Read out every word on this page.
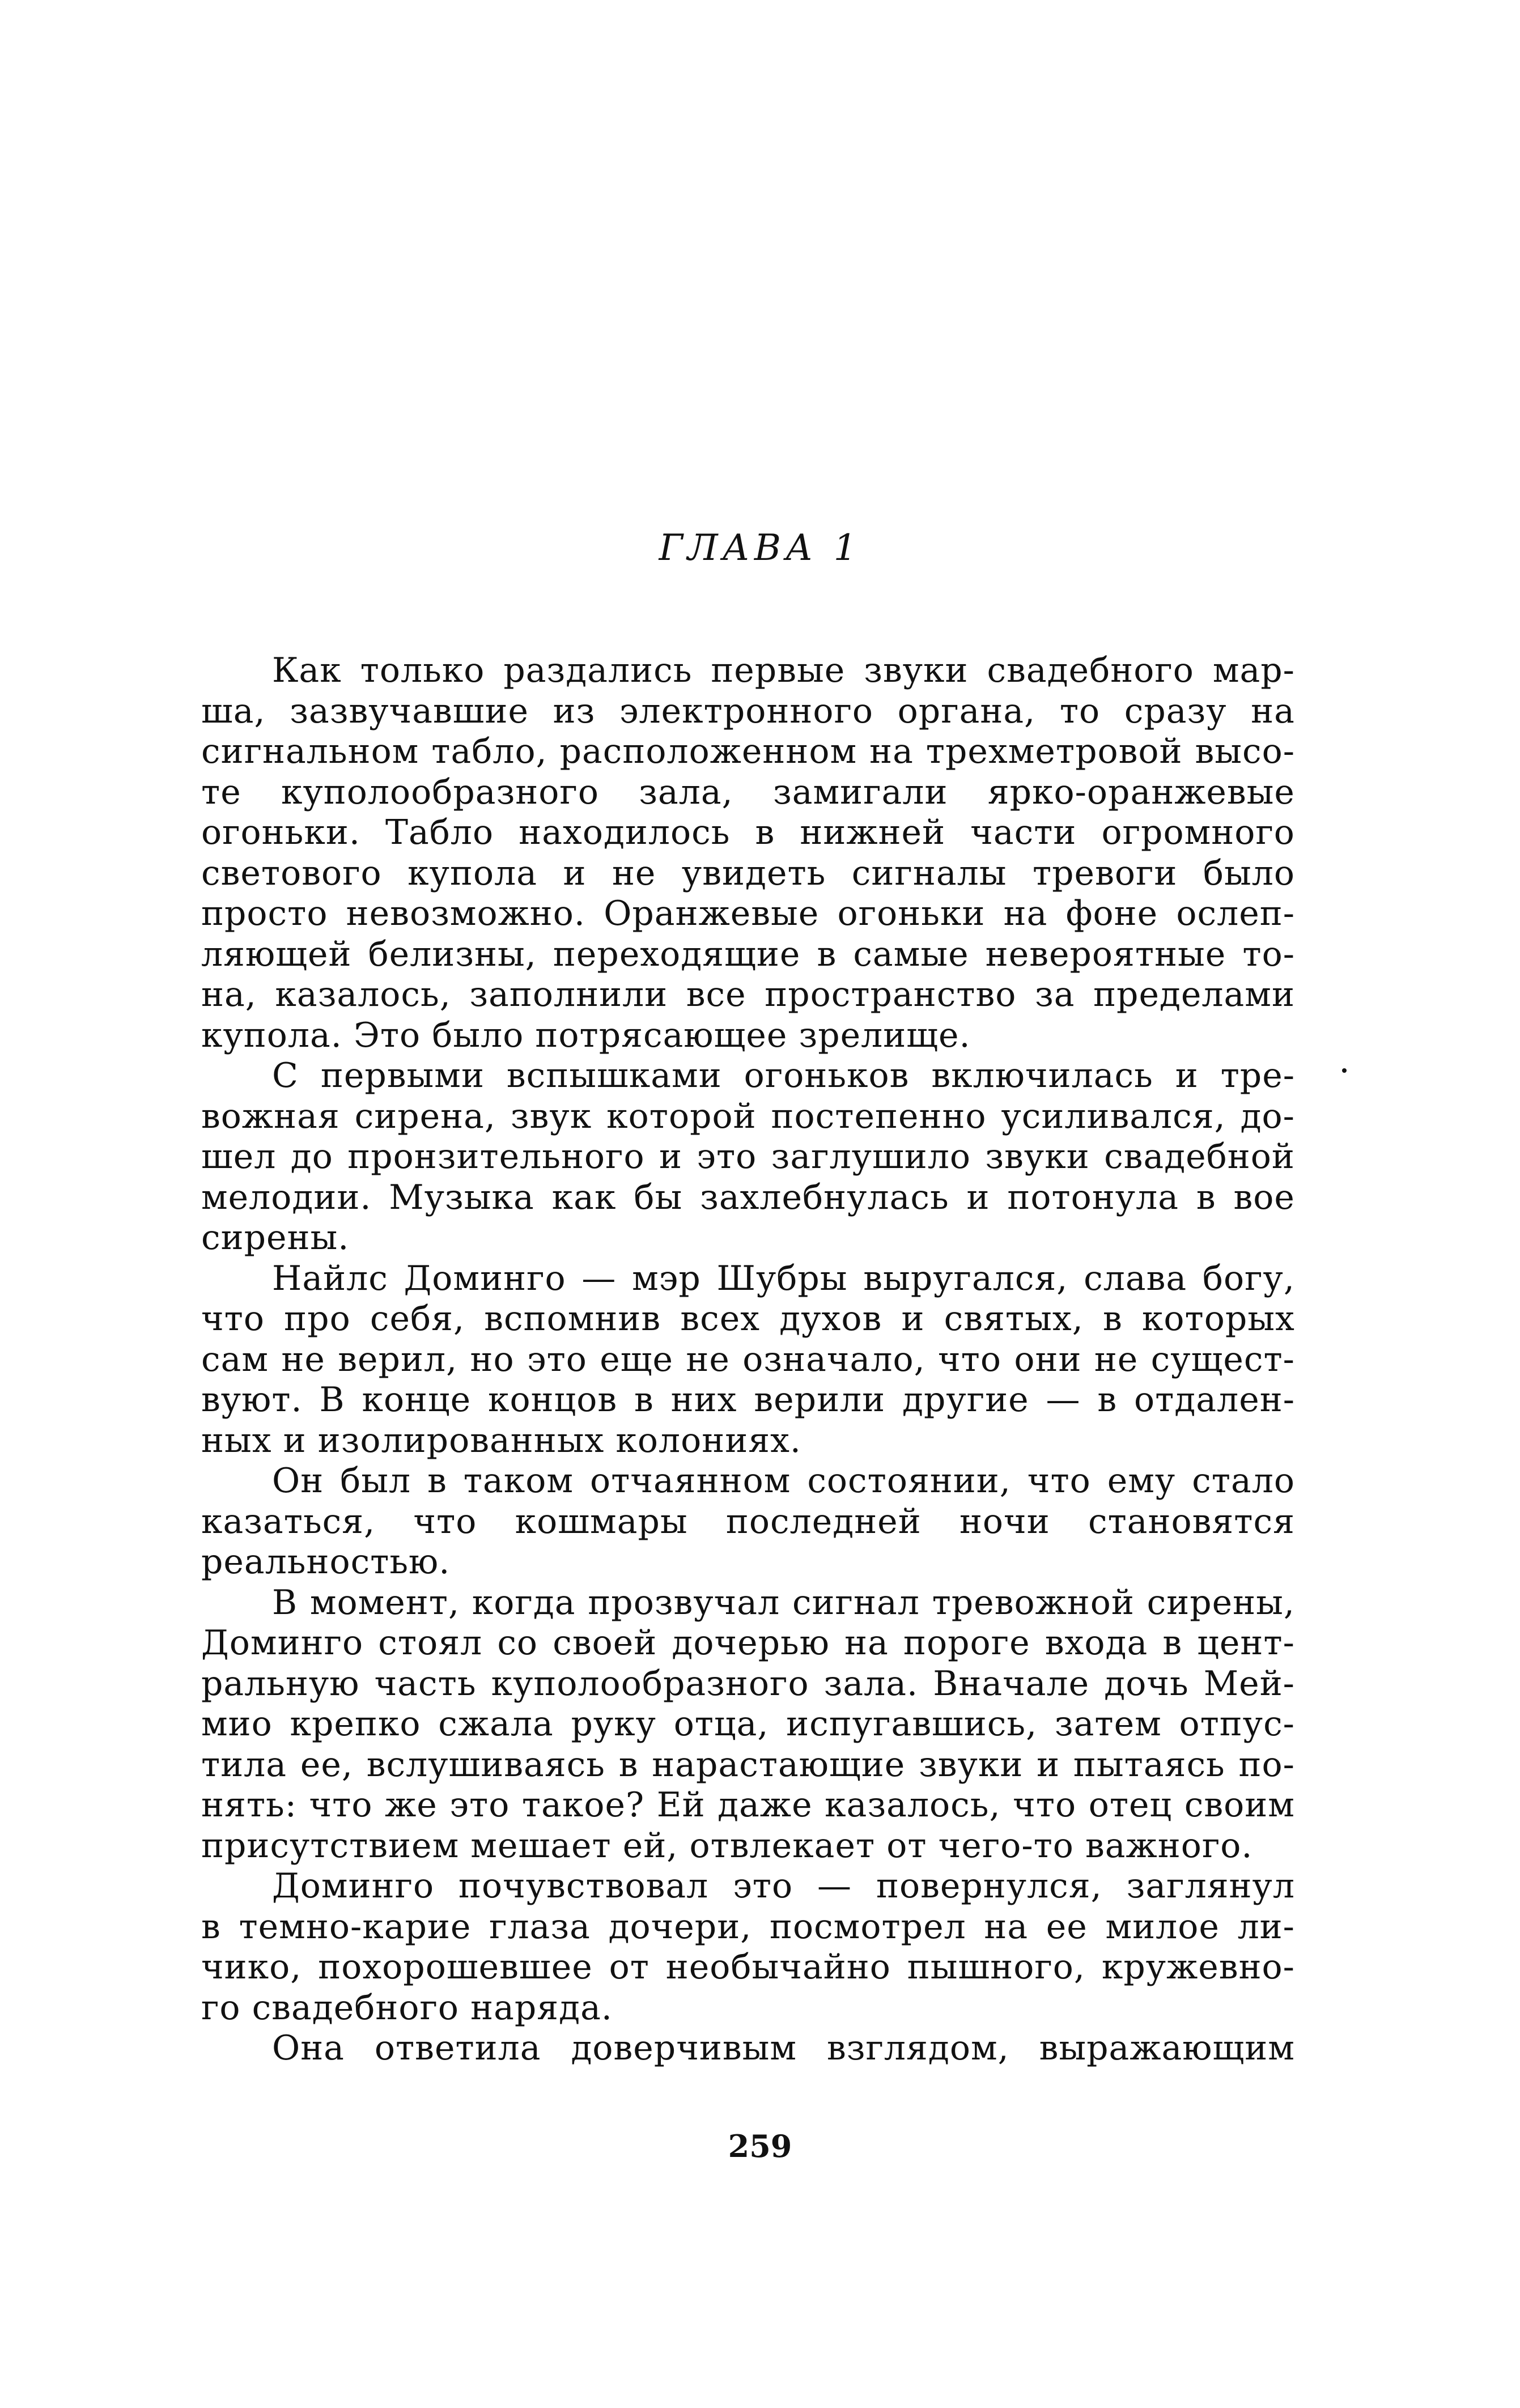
ГЛАВА 1
Как только раздались первые звуки свадебного мар-
ша, зазвучавшие из электронного органа, то сразу на
сигнальном табло, расположенном на трехметровой высо-
те куполообразного зала, замигали ярко-оранжевые
огоньки. Табло находилось в нижней части огромного
светового купола и не увидеть сигналы тревоги было
просто невозможно. Оранжевые огоньки на фоне ослеп-
ляющей белизны, переходящие в самые невероятные то-
на, казалось, заполнили все пространство за пределами
купола. Это было потрясающее зрелище.
С первыми вспышками огоньков включилась и тре-
вожная сирена, звук которой постепенно усиливался, до-
шел до пронзительного и это заглушило звуки свадебной
мелодии. Музыка как бы захлебнулась и потонула в вое
сирены.
Найлс Доминго — мэр Шубры выругался, слава богу,
что про себя, вспомнив всех духов и святых, в которых
сам не верил, но это еще не означало, что они не сущест-
вуют. В конце концов в них верили другие — в отдален-
ных и изолированных колониях.
Он был в таком отчаянном состоянии, что ему стало
казаться, что кошмары последней ночи становятся
реальностью.
В момент, когда прозвучал сигнал тревожной сирены,
Доминго стоял со своей дочерью на пороге входа в цент-
ральную часть куполообразного зала. Вначале дочь Мей-
мио крепко сжала руку отца, испугавшись, затем отпус-
тила ее, вслушиваясь в нарастающие звуки и пытаясь по-
нять: что же это такое? Ей даже казалось, что отец своим
присутствием мешает ей, отвлекает от чего-то важного.
Доминго почувствовал это — повернулся, заглянул
в темно-карие глаза дочери, посмотрел на ее милое ли-
чико, похорошевшее от необычайно пышного, кружевно-
го свадебного наряда.
Она ответила доверчивым взглядом, выражающим
259
